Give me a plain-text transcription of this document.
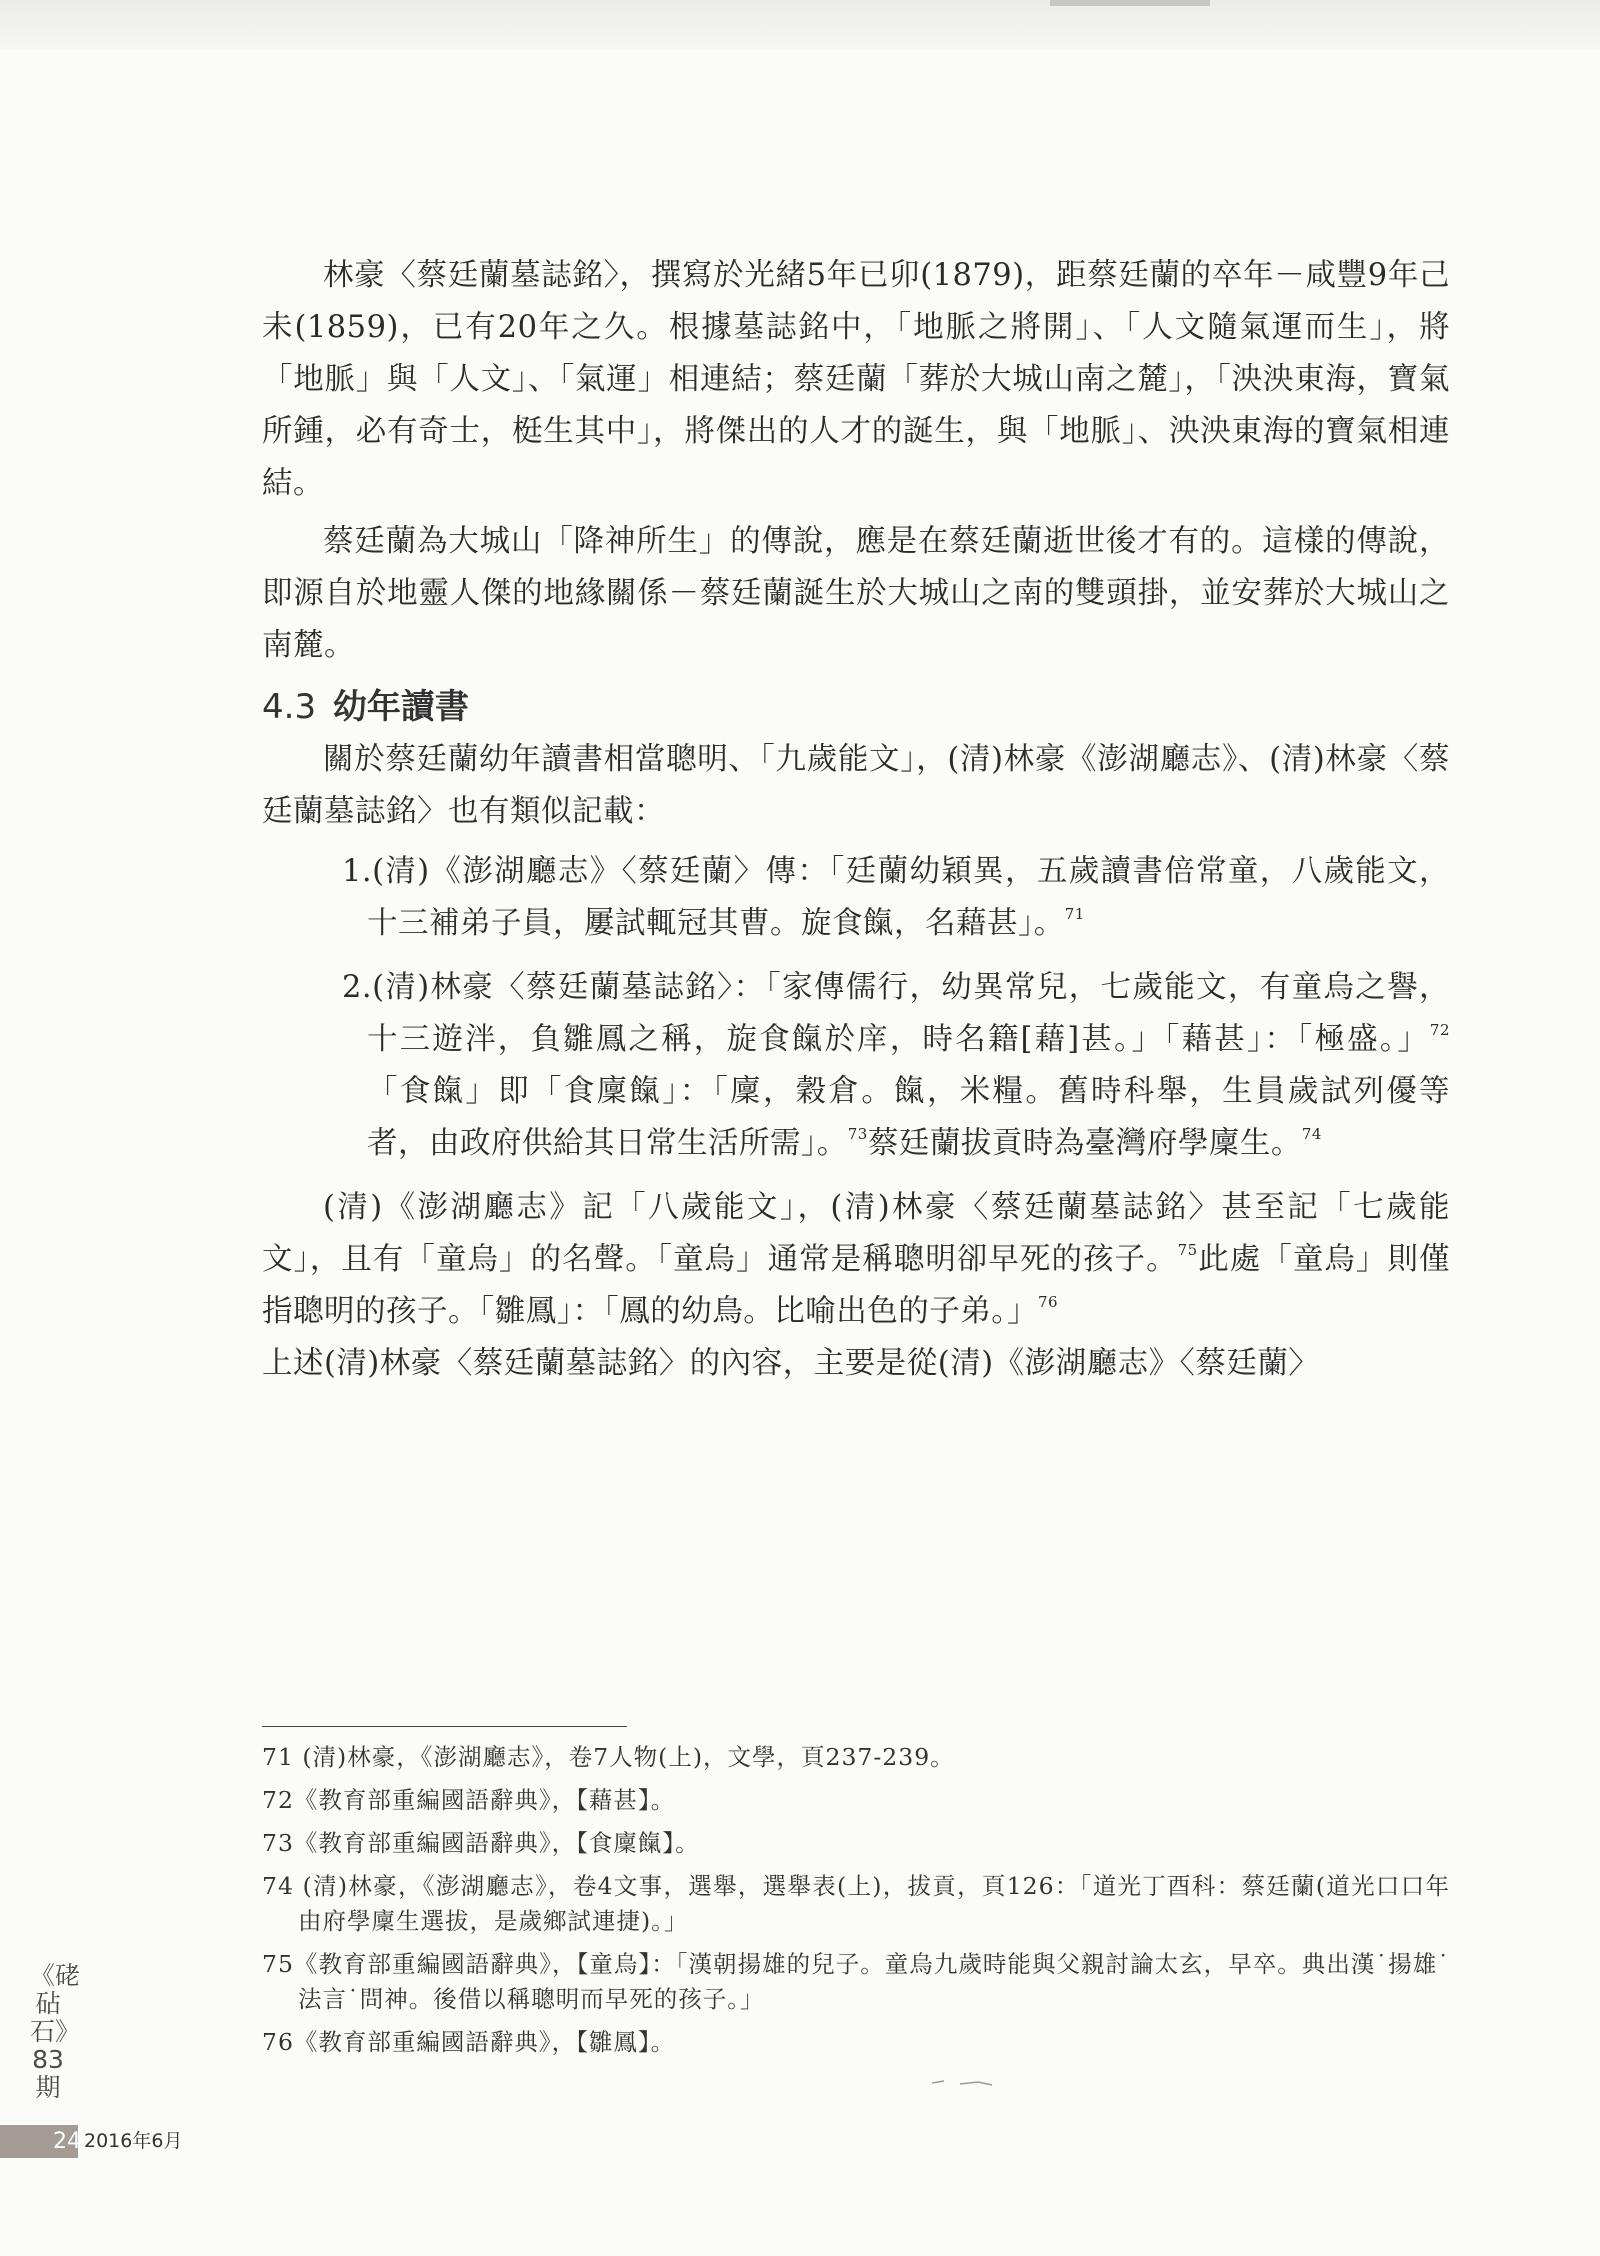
林豪〈蔡廷蘭墓誌銘〉，撰寫於光緒5年已卯(1879)，距蔡廷蘭的卒年－咸豐9年己未(1859)，已有20年之久。根據墓誌銘中，「地脈之將開」、「人文隨氣運而生」，將「地脈」與「人文」、「氣運」相連結；蔡廷蘭「葬於大城山南之麓」，「泱泱東海，寶氣所鍾，必有奇士，梃生其中」，將傑出的人才的誕生，與「地脈」、泱泱東海的寶氣相連結。

蔡廷蘭為大城山「降神所生」的傳說，應是在蔡廷蘭逝世後才有的。這樣的傳說，即源自於地靈人傑的地緣關係－蔡廷蘭誕生於大城山之南的雙頭掛，並安葬於大城山之南麓。

4.3 幼年讀書

關於蔡廷蘭幼年讀書相當聰明、「九歲能文」，(清)林豪《澎湖廳志》、(清)林豪〈蔡廷蘭墓誌銘〉也有類似記載：

1.(清)《澎湖廳志》〈蔡廷蘭〉傳：「廷蘭幼穎異，五歲讀書倍常童，八歲能文，十三補弟子員，屢試輒冠其曹。旋食餼，名藉甚」。$^{71}$
2.(清)林豪〈蔡廷蘭墓誌銘〉：「家傳儒行，幼異常兒，七歲能文，有童烏之譽，十三遊泮，負雛鳳之稱，旋食餼於庠，時名籍[藉]甚。」「藉甚」：「極盛。」$^{72}$「食餼」即「食廩餼」：「廩，穀倉。餼，米糧。舊時科舉，生員歲試列優等者，由政府供給其日常生活所需」。$^{73}$蔡廷蘭拔貢時為臺灣府學廩生。$^{74}$

(清)《澎湖廳志》記「八歲能文」，(清)林豪〈蔡廷蘭墓誌銘〉甚至記「七歲能文」，且有「童烏」的名聲。「童烏」通常是稱聰明卻早死的孩子。$^{75}$此處「童烏」則僅指聰明的孩子。「雛鳳」：「鳳的幼鳥。比喻出色的子弟。」$^{76}$

上述(清)林豪〈蔡廷蘭墓誌銘〉的內容，主要是從(清)《澎湖廳志》〈蔡廷蘭〉

71 (清)林豪，《澎湖廳志》，卷7人物(上)，文學，頁237-239。

72《教育部重編國語辭典》，【藉甚】。

73《教育部重編國語辭典》，【食廩餼】。

74 (清)林豪，《澎湖廳志》，卷4文事，選舉，選舉表(上)，拔貢，頁126：「道光丁酉科：蔡廷蘭(道光口口年由府學廩生選拔，是歲鄉試連捷)。」

75《教育部重編國語辭典》，【童烏】：「漢朝揚雄的兒子。童烏九歲時能與父親討論太玄，早卒。典出漢˙揚雄˙法言˙問神。後借以稱聰明而早死的孩子。」

76《教育部重編國語辭典》，【雛鳳】。

《硓砧石》83期
24 2016年6月
